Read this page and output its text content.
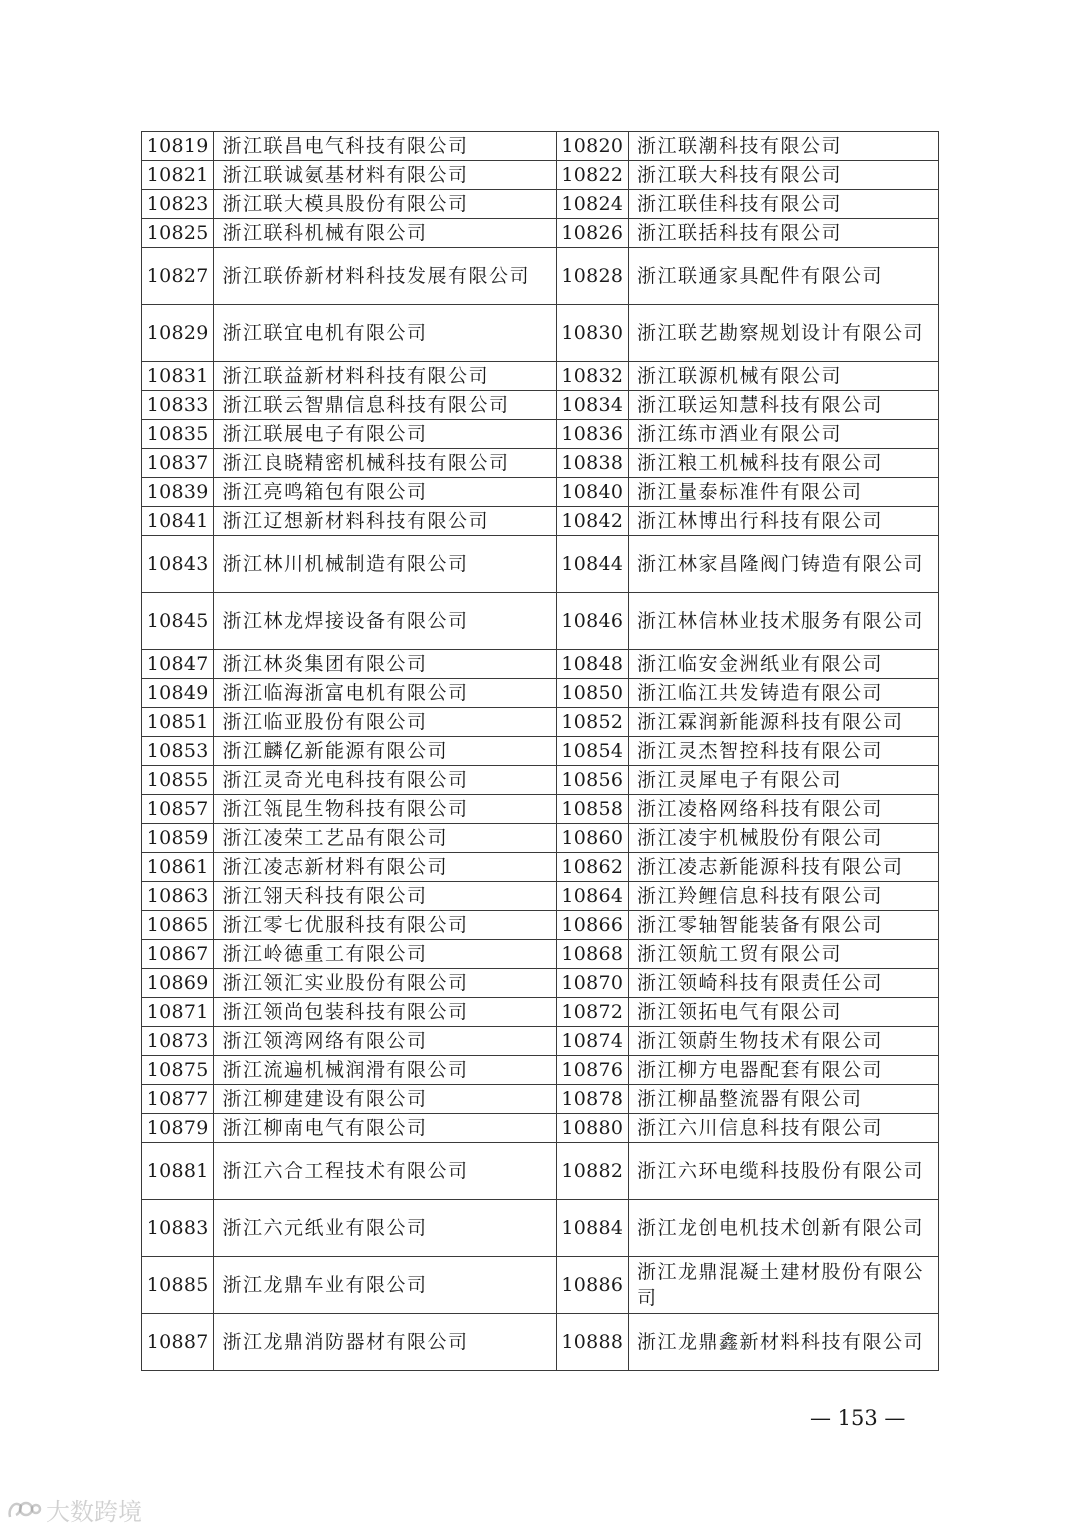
10819	浙江联昌电气科技有限公司	10820	浙江联潮科技有限公司
10821	浙江联诚氨基材料有限公司	10822	浙江联大科技有限公司
10823	浙江联大模具股份有限公司	10824	浙江联佳科技有限公司
10825	浙江联科机械有限公司	10826	浙江联括科技有限公司
10827	浙江联侨新材料科技发展有限公司	10828	浙江联通家具配件有限公司
10829	浙江联宜电机有限公司	10830	浙江联艺勘察规划设计有限公司
10831	浙江联益新材料科技有限公司	10832	浙江联源机械有限公司
10833	浙江联云智鼎信息科技有限公司	10834	浙江联运知慧科技有限公司
10835	浙江联展电子有限公司	10836	浙江练市酒业有限公司
10837	浙江良晓精密机械科技有限公司	10838	浙江粮工机械科技有限公司
10839	浙江亮鸣箱包有限公司	10840	浙江量泰标准件有限公司
10841	浙江辽想新材料科技有限公司	10842	浙江林博出行科技有限公司
10843	浙江林川机械制造有限公司	10844	浙江林家昌隆阀门铸造有限公司
10845	浙江林龙焊接设备有限公司	10846	浙江林信林业技术服务有限公司
10847	浙江林炎集团有限公司	10848	浙江临安金洲纸业有限公司
10849	浙江临海浙富电机有限公司	10850	浙江临江共发铸造有限公司
10851	浙江临亚股份有限公司	10852	浙江霖润新能源科技有限公司
10853	浙江麟亿新能源有限公司	10854	浙江灵杰智控科技有限公司
10855	浙江灵奇光电科技有限公司	10856	浙江灵犀电子有限公司
10857	浙江瓴昆生物科技有限公司	10858	浙江凌格网络科技有限公司
10859	浙江凌荣工艺品有限公司	10860	浙江凌宇机械股份有限公司
10861	浙江凌志新材料有限公司	10862	浙江凌志新能源科技有限公司
10863	浙江翎天科技有限公司	10864	浙江羚鲤信息科技有限公司
10865	浙江零七优服科技有限公司	10866	浙江零轴智能装备有限公司
10867	浙江岭德重工有限公司	10868	浙江领航工贸有限公司
10869	浙江领汇实业股份有限公司	10870	浙江领崎科技有限责任公司
10871	浙江领尚包装科技有限公司	10872	浙江领拓电气有限公司
10873	浙江领湾网络有限公司	10874	浙江领蔚生物技术有限公司
10875	浙江流遍机械润滑有限公司	10876	浙江柳方电器配套有限公司
10877	浙江柳建建设有限公司	10878	浙江柳晶整流器有限公司
10879	浙江柳南电气有限公司	10880	浙江六川信息科技有限公司
10881	浙江六合工程技术有限公司	10882	浙江六环电缆科技股份有限公司
10883	浙江六元纸业有限公司	10884	浙江龙创电机技术创新有限公司
10885	浙江龙鼎车业有限公司	10886	浙江龙鼎混凝土建材股份有限公司
10887	浙江龙鼎消防器材有限公司	10888	浙江龙鼎鑫新材料科技有限公司
— 153 —
大数跨境
